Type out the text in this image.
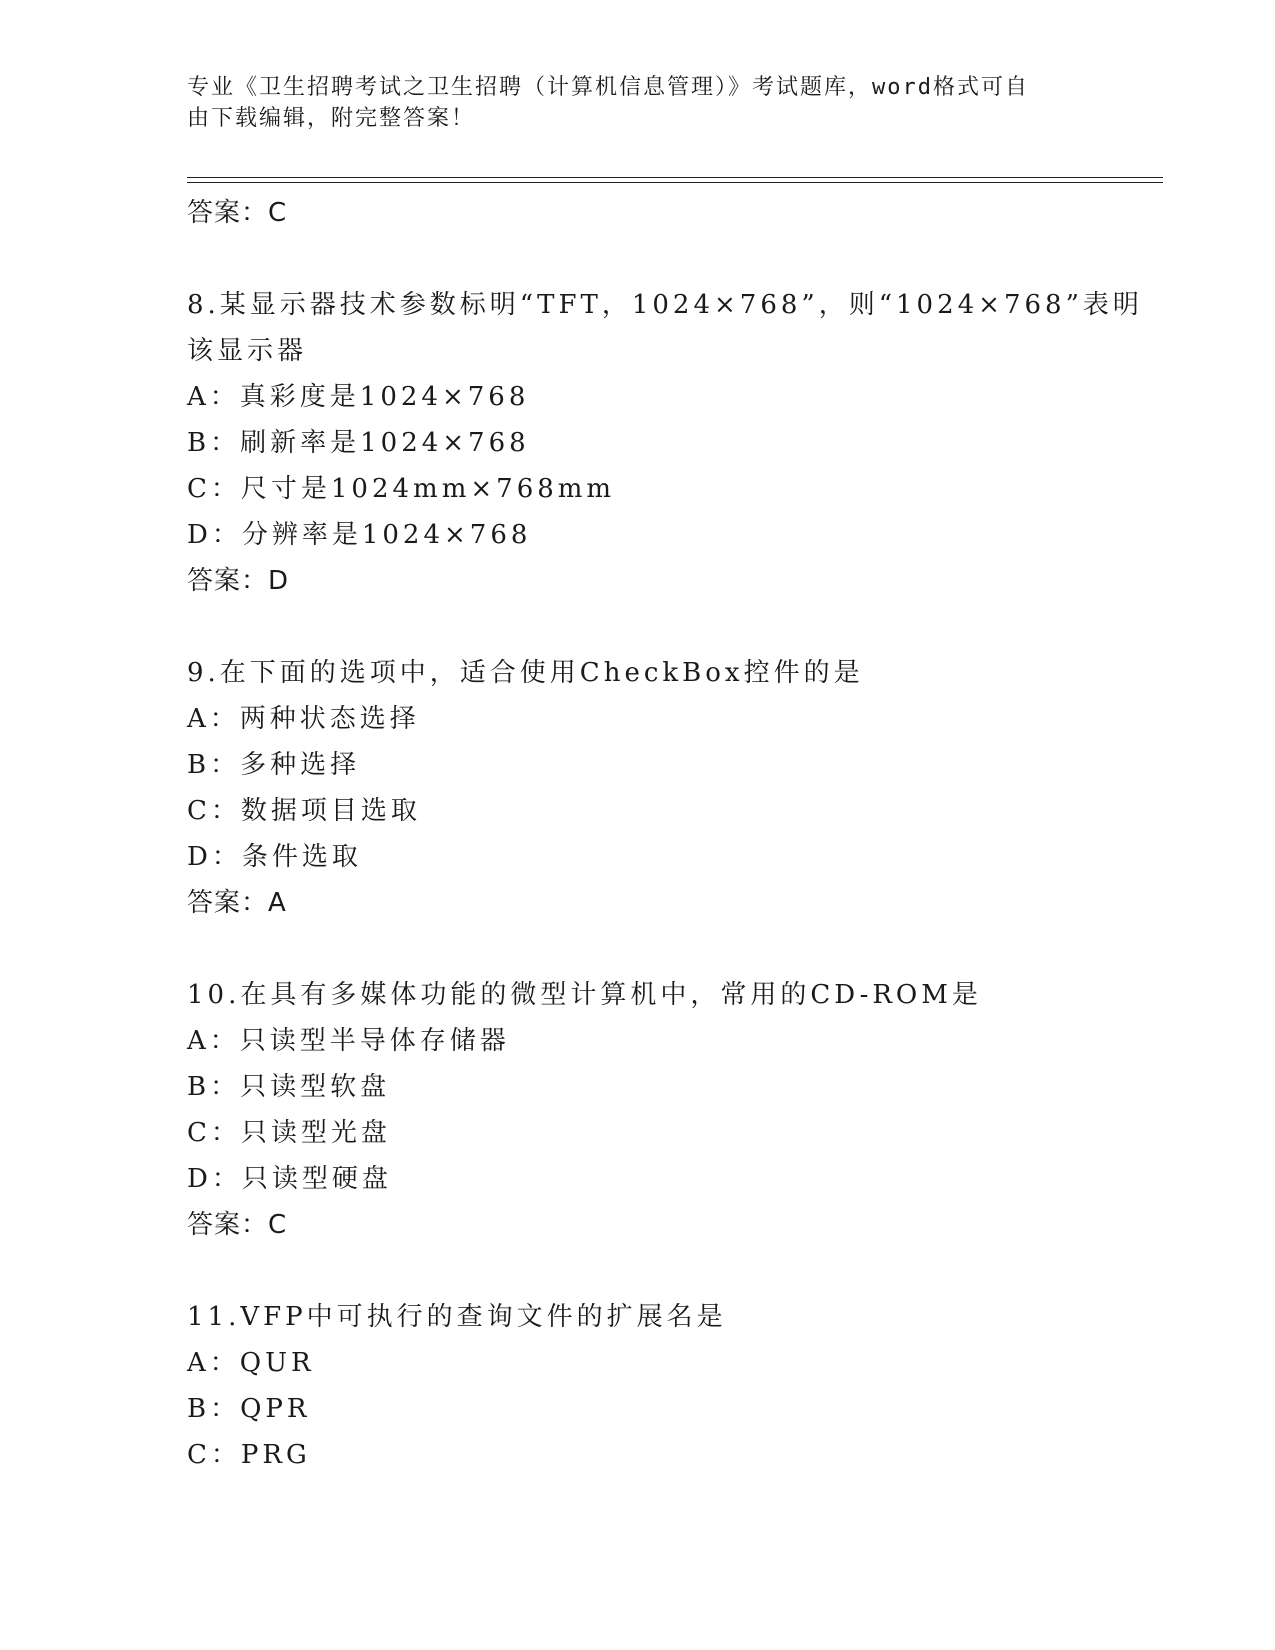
专业《卫生招聘考试之卫生招聘（计算机信息管理）》考试题库，word格式可自

由下载编辑，附完整答案！

答案：C
8.某显示器技术参数标明“TFT，1024×768”，则“1024×768”表明
该显示器
A：真彩度是1024×768
B：刷新率是1024×768
C：尺寸是1024mm×768mm
D：分辨率是1024×768
答案：D
9.在下面的选项中，适合使用CheckBox控件的是
A：两种状态选择
B：多种选择
C：数据项目选取
D：条件选取
答案：A
10.在具有多媒体功能的微型计算机中，常用的CD-ROM是
A：只读型半导体存储器
B：只读型软盘
C：只读型光盘
D：只读型硬盘
答案：C
11.VFP中可执行的查询文件的扩展名是
A：QUR
B：QPR
C：PRG
